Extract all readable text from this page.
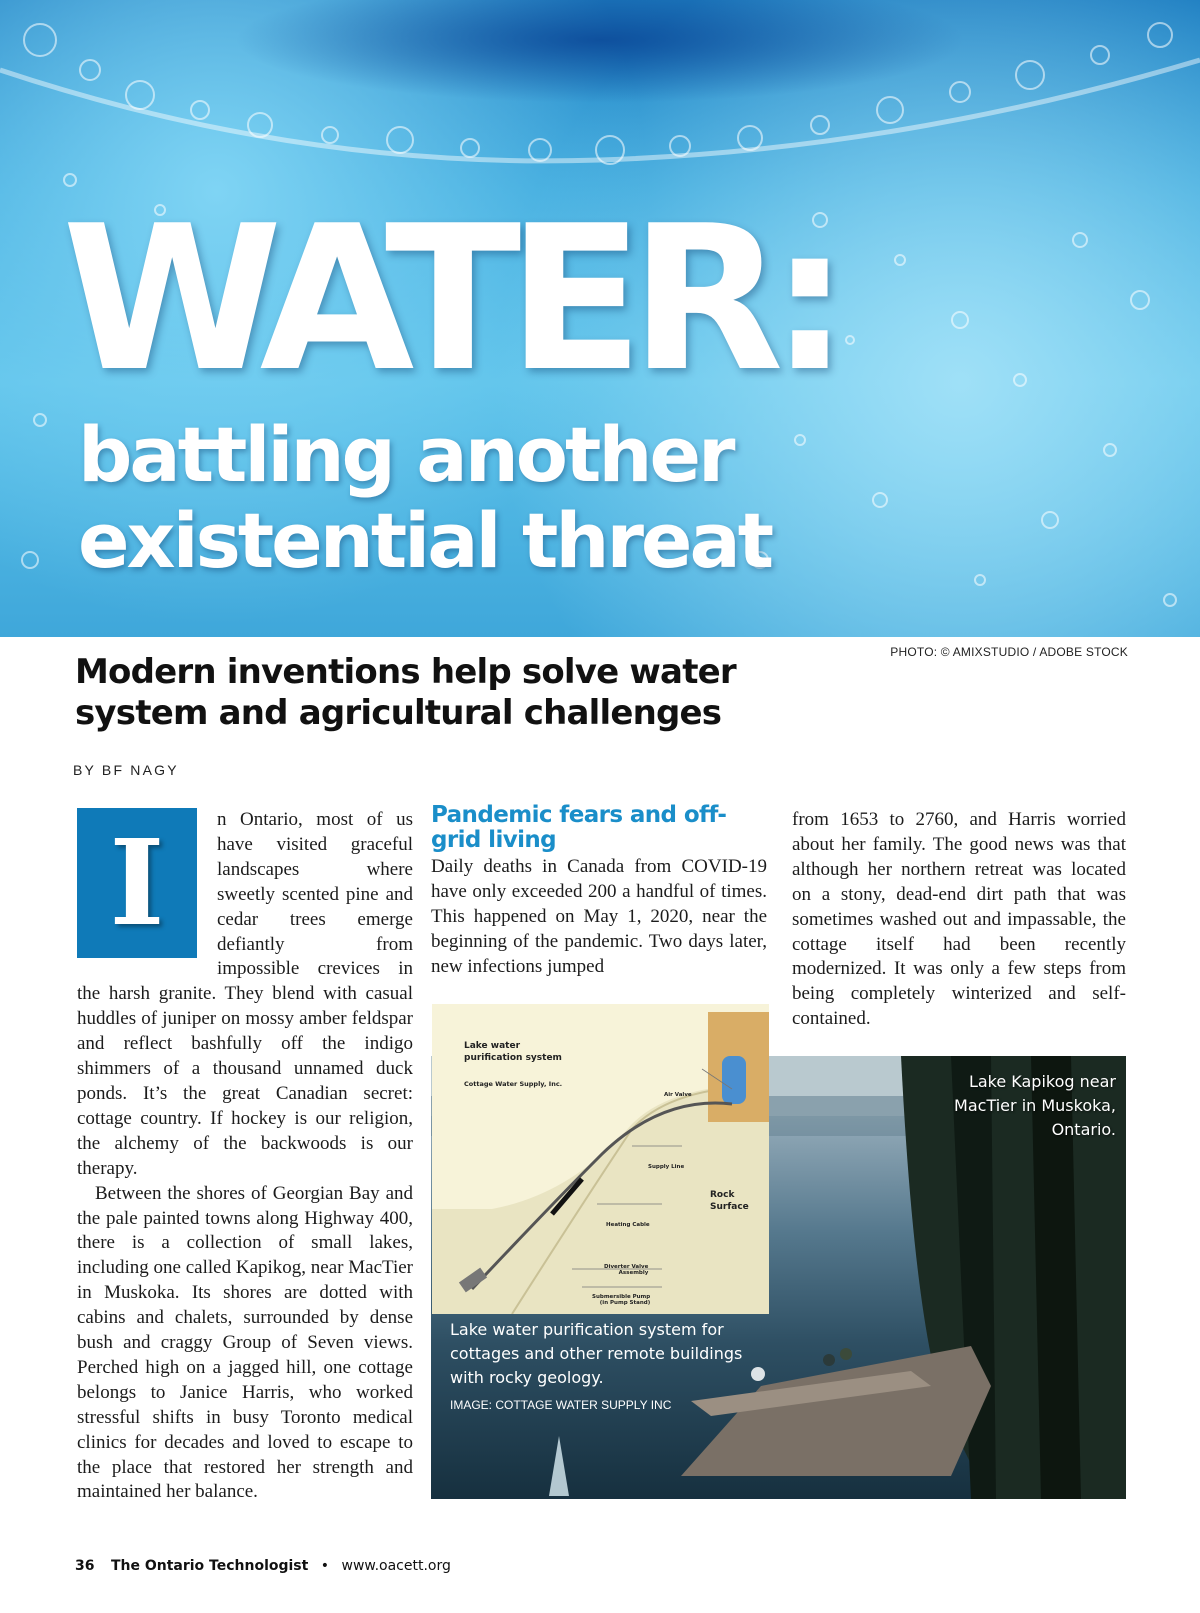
WATER:
battling another
existential threat
PHOTO: © AMIXSTUDIO / ADOBE STOCK
Modern inventions help solve water system and agricultural challenges
BY BF NAGY
I	n Ontario, most of us have visited graceful landscapes where sweetly scented pine and cedar trees emerge defiantly from impossible crevices in the harsh granite. They blend with casual huddles of juniper on mossy amber feldspar and reflect bashfully off the indigo shimmers of a thousand unnamed duck ponds. It’s the great Canadian secret: cottage country. If hockey is our religion, the alchemy of the backwoods is our therapy.

Between the shores of Georgian Bay and the pale painted towns along Highway 400, there is a collection of small lakes, including one called Kapikog, near MacTier in Muskoka. Its shores are dotted with cabins and chalets, surrounded by dense bush and craggy Group of Seven views. Perched high on a jagged hill, one cottage belongs to Janice Harris, who worked stressful shifts in busy Toronto medical clinics for decades and loved to escape to the place that restored her strength and maintained her balance.

Pandemic fears and off-grid living

Daily deaths in Canada from COVID-19 have only exceeded 200 a handful of times. This happened on May 1, 2020, near the beginning of the pandemic. Two days later, new infections jumped

from 1653 to 2760, and Harris worried about her family. The good news was that although her northern retreat was located on a stony, dead-end dirt path that was sometimes washed out and impassable, the cottage itself had been recently modernized. It was only a few steps from being completely winterized and self-contained.

Lake Kapikog near MacTier in Muskoka, Ontario.
Lake water
purification system
Cottage Water Supply, Inc.
Air Valve
Supply Line
Rock
Surface
Heating Cable
Diverter Valve
Assembly
Submersible Pump
(in Pump Stand)
Lake water purification system for cottages and other remote buildings with rocky geology.
IMAGE: COTTAGE WATER SUPPLY INC
36 The Ontario Technologist • www.oacett.org
